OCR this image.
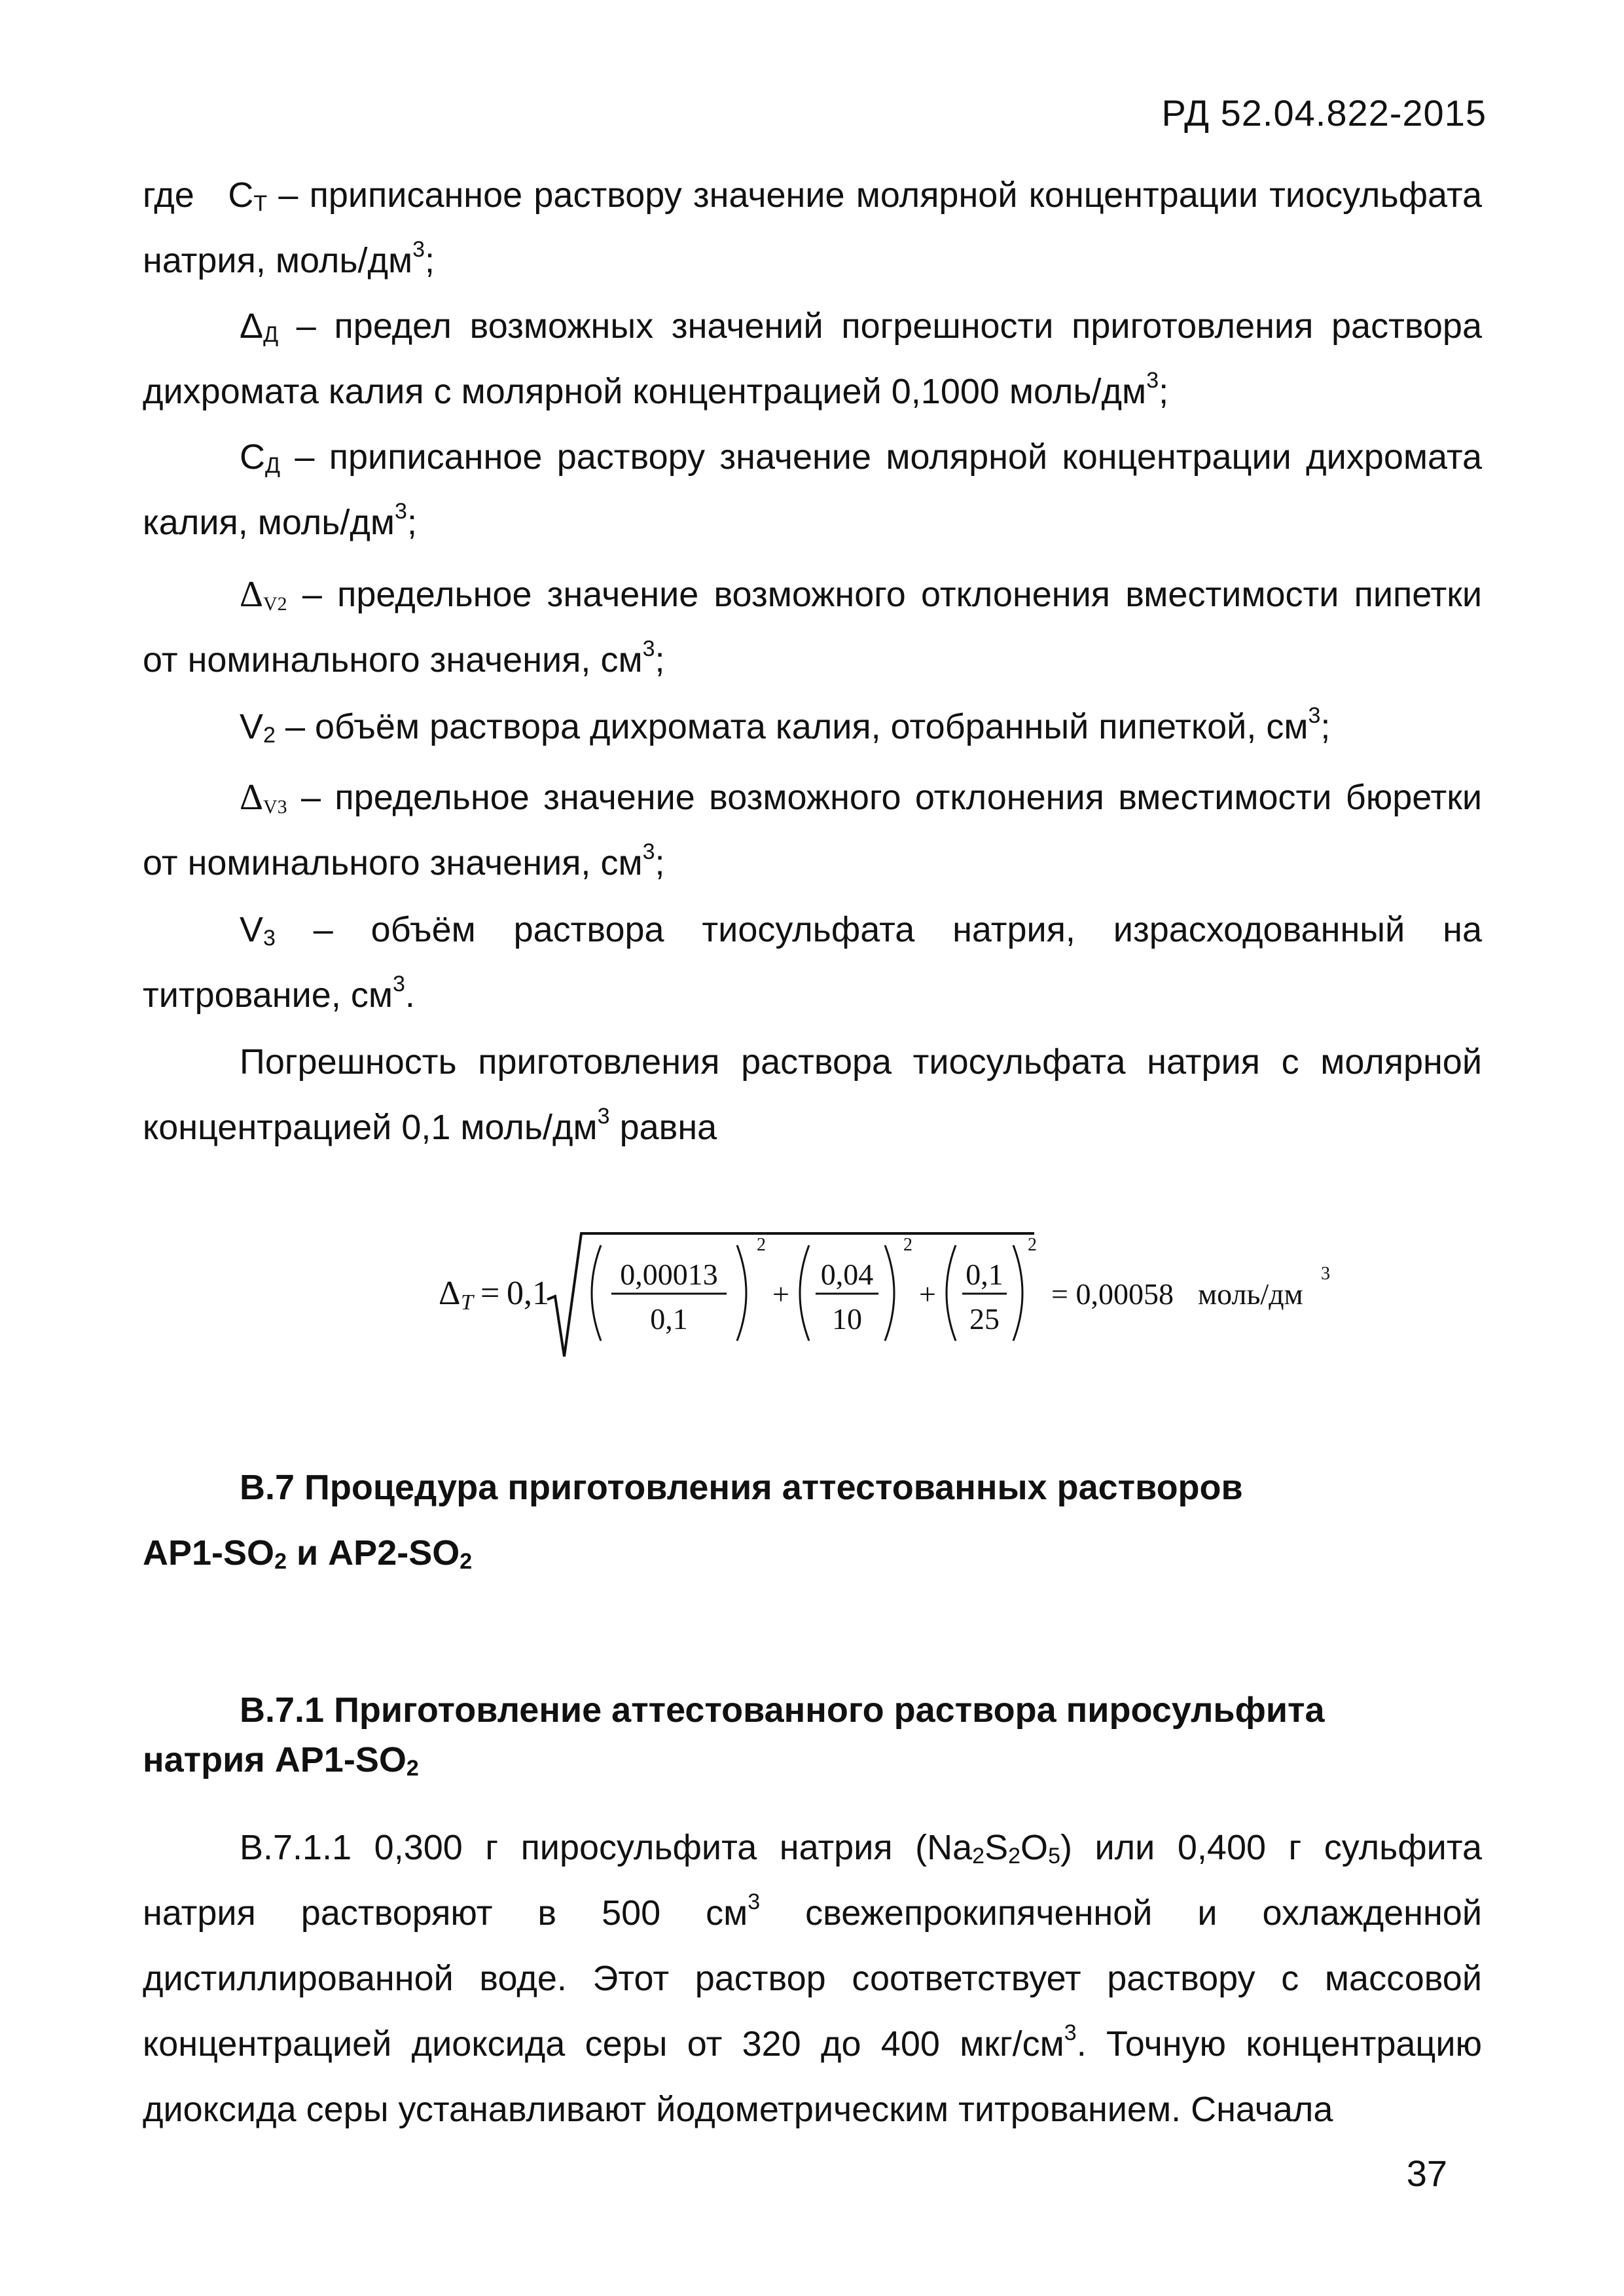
РД 52.04.822-2015
где   $С_Т$ – приписанное раствору значение молярной концентрации тиосульфата натрия, моль/$дм^3$;
$\Delta_Д$ – предел возможных значений погрешности приготовления раствора дихромата калия с молярной концентрацией 0,1000 моль/$дм^3$;
$С_Д$ – приписанное раствору значение молярной концентрации дихромата калия, моль/$дм^3$;
$\Delta_{V2}$ – предельное значение возможного отклонения вместимости пипетки от номинального значения, $см^3$;
$V_2$ – объём раствора дихромата калия, отобранный пипеткой, $см^3$;
$\Delta_{V3}$ – предельное значение возможного отклонения вместимости бюретки от номинального значения, $см^3$;
$V_3$ – объём раствора тиосульфата натрия, израсходованный на титрование, $см^3$.
Погрешность приготовления раствора тиосульфата натрия с молярной концентрацией 0,1 моль/$дм^3$ равна
Δ T = 0,1
0,00013
0,1
2
+
0,04
10
2
+
0,1
25
2
= 0,00058 моль/дм
3
В.7 Процедура приготовления аттестованных растворов
$АР1-SO_2$ и $АР2-SO_2$
В.7.1 Приготовление аттестованного раствора пиросульфита
натрия $АР1-SO_2$
В.7.1.1 0,300 г пиросульфита натрия $(Na_2S_2O_5)$ или 0,400 г сульфита натрия растворяют в 500 $см^3$ свежепрокипяченной и охлажденной дистиллированной воде. Этот раствор соответствует раствору с массовой концентрацией диоксида серы от 320 до 400 мкг/$см^3$. Точную концентрацию диоксида серы устанавливают йодометрическим титрованием. Сначала
37
